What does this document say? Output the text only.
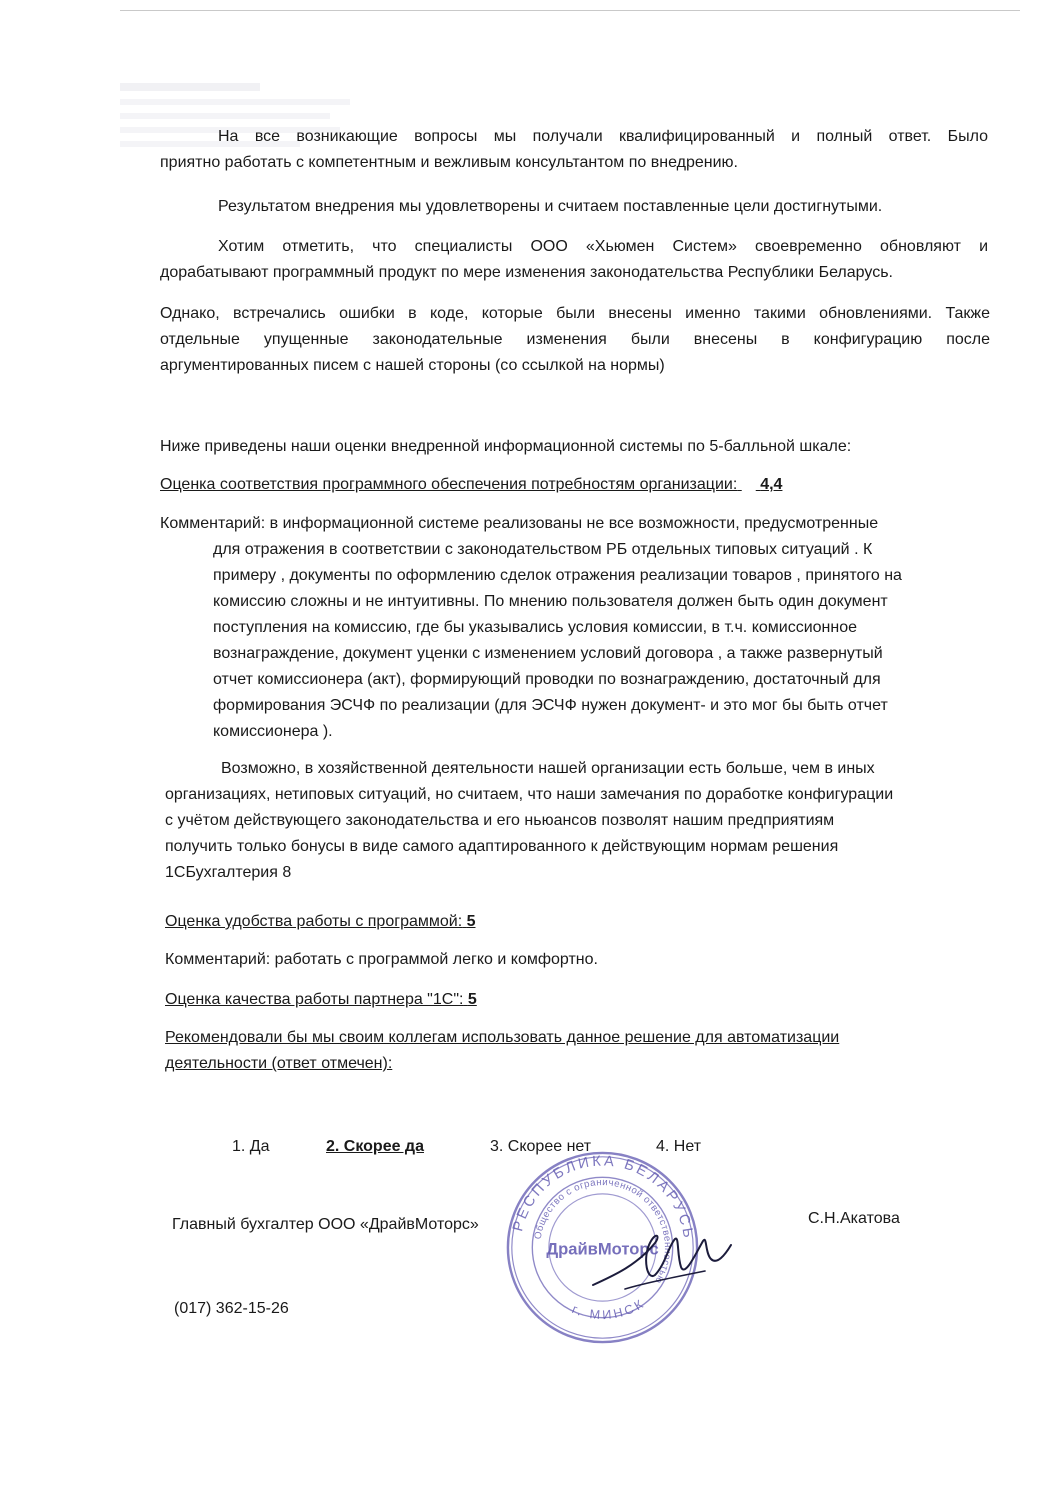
На все возникающие вопросы мы получали квалифицированный и полный ответ. Было
приятно работать с компетентным и вежливым консультантом по внедрению.
Результатом внедрения мы удовлетворены и считаем поставленные цели достигнутыми.
Хотим отметить, что специалисты ООО «Хьюмен Систем» своевременно обновляют и
дорабатывают программный продукт по мере изменения законодательства Республики Беларусь.
Однако, встречались ошибки в коде, которые были внесены именно такими обновлениями. Также
отдельные упущенные законодательные изменения были внесены в конфигурацию после
аргументированных писем с нашей стороны (со ссылкой на нормы)
Ниже приведены наши оценки внедренной информационной системы по 5-балльной шкале:
Оценка соответствия программного обеспечения потребностям организации: 4,4
Комментарий: в информационной системе реализованы не все возможности, предусмотренные
для отражения в соответствии с законодательством РБ отдельных типовых ситуаций . К
примеру , документы по оформлению сделок отражения реализации товаров , принятого на
комиссию сложны и не интуитивны. По мнению пользователя должен быть один документ
поступления на комиссию, где бы указывались условия комиссии, в т.ч. комиссионное
вознаграждение, документ уценки с изменением условий договора , а также развернутый
отчет комиссионера (акт), формирующий проводки по вознаграждению, достаточный для
формирования ЭСЧФ по реализации (для ЭСЧФ нужен документ- и это мог бы быть отчет
комиссионера ).
Возможно, в хозяйственной деятельности нашей организации есть больше, чем в иных
организациях, нетиповых ситуаций, но считаем, что наши замечания по доработке конфигурации
с учётом действующего законодательства и его ньюансов позволят нашим предприятиям
получить только бонусы в виде самого адаптированного к действующим нормам решения
1СБухгалтерия 8
Оценка удобства работы с программой: 5
Комментарий: работать с программой легко и комфортно.
Оценка качества работы партнера "1С": 5
Рекомендовали бы мы своим коллегам использовать данное решение для автоматизации
деятельности (ответ отмечен):
1. Да	2. Скорее да	3. Скорее нет	4. Нет
Главный бухгалтер ООО «ДрайвМоторс»	С.Н.Акатова
(017) 362-15-26
РЕСПУБЛИКА БЕЛАРУСЬ
Общество с ограниченной ответственностью
ДрайвМоторс
г. МИНСК
